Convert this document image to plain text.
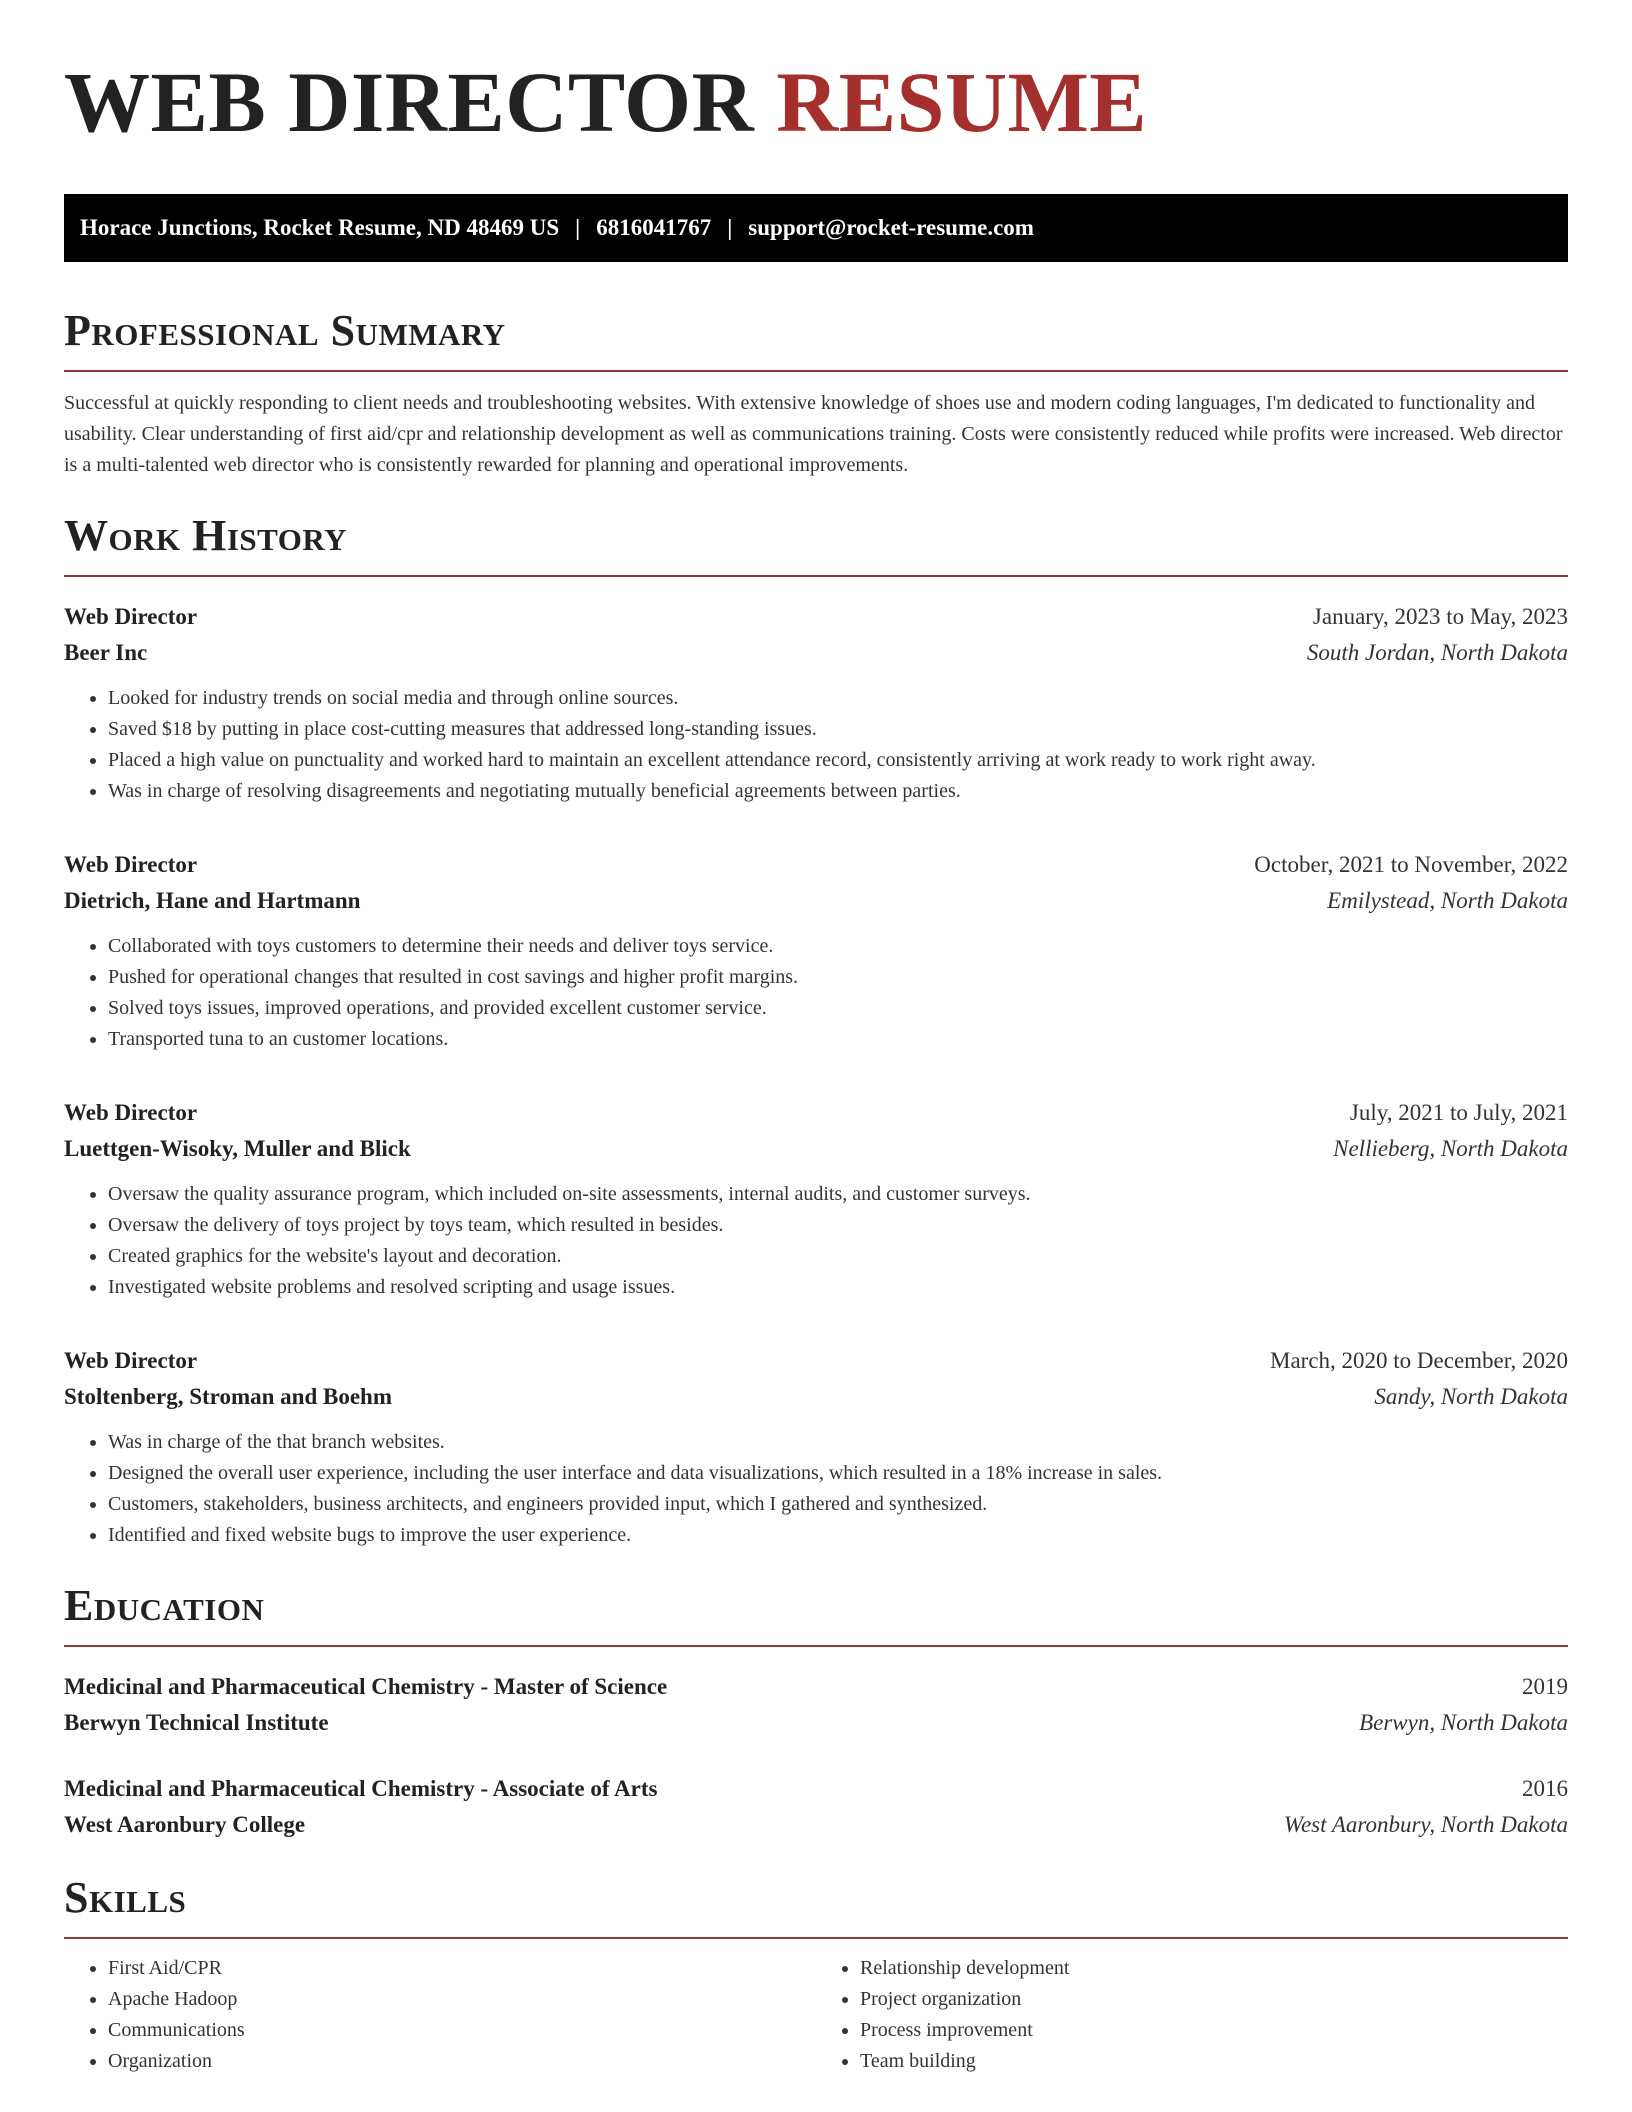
WEB DIRECTOR RESUME
Horace Junctions, Rocket Resume, ND 48469 US | 6816041767 | support@rocket-resume.com
Professional Summary

Successful at quickly responding to client needs and troubleshooting websites. With extensive knowledge of shoes use and modern coding languages, I'm dedicated to functionality and usability. Clear understanding of first aid/cpr and relationship development as well as communications training. Costs were consistently reduced while profits were increased. Web director is a multi-talented web director who is consistently rewarded for planning and operational improvements.

Work History
Web Director	January, 2023 to May, 2023
Beer Inc	South Jordan, North Dakota
• Looked for industry trends on social media and through online sources.
• Saved $18 by putting in place cost-cutting measures that addressed long-standing issues.
• Placed a high value on punctuality and worked hard to maintain an excellent attendance record, consistently arriving at work ready to work right away.
• Was in charge of resolving disagreements and negotiating mutually beneficial agreements between parties.
Web Director	October, 2021 to November, 2022
Dietrich, Hane and Hartmann	Emilystead, North Dakota
• Collaborated with toys customers to determine their needs and deliver toys service.
• Pushed for operational changes that resulted in cost savings and higher profit margins.
• Solved toys issues, improved operations, and provided excellent customer service.
• Transported tuna to an customer locations.
Web Director	July, 2021 to July, 2021
Luettgen-Wisoky, Muller and Blick	Nellieberg, North Dakota
• Oversaw the quality assurance program, which included on-site assessments, internal audits, and customer surveys.
• Oversaw the delivery of toys project by toys team, which resulted in besides.
• Created graphics for the website's layout and decoration.
• Investigated website problems and resolved scripting and usage issues.
Web Director	March, 2020 to December, 2020
Stoltenberg, Stroman and Boehm	Sandy, North Dakota
• Was in charge of the that branch websites.
• Designed the overall user experience, including the user interface and data visualizations, which resulted in a 18% increase in sales.
• Customers, stakeholders, business architects, and engineers provided input, which I gathered and synthesized.
• Identified and fixed website bugs to improve the user experience.
Education
Medicinal and Pharmaceutical Chemistry - Master of Science	2019
Berwyn Technical Institute	Berwyn, North Dakota
Medicinal and Pharmaceutical Chemistry - Associate of Arts	2016
West Aaronbury College	West Aaronbury, North Dakota
Skills
• First Aid/CPR
• Apache Hadoop
• Communications
• Organization
• Relationship development
• Project organization
• Process improvement
• Team building
